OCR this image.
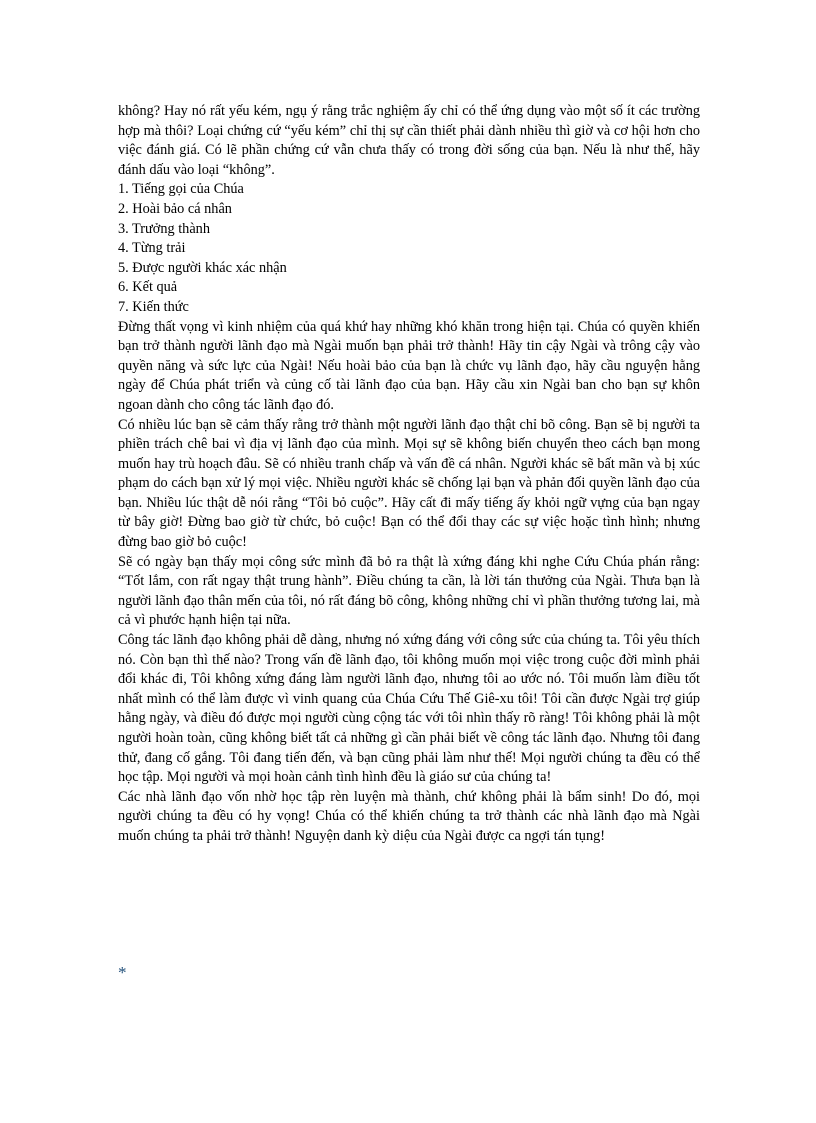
không? Hay nó rất yếu kém, ngụ ý rằng trắc nghiệm ấy chỉ có thể ứng dụng vào một số ít các trường hợp mà thôi? Loại chứng cứ “yếu kém” chỉ thị sự cần thiết phải dành nhiều thì giờ và cơ hội hơn cho việc đánh giá. Có lẽ phần chứng cứ vẫn chưa thấy có trong đời sống của bạn. Nếu là như thế, hãy đánh dấu vào loại “không”.

1. Tiếng gọi của Chúa
2. Hoài bảo cá nhân
3. Trưởng thành
4. Từng trải
5. Được người khác xác nhận
6. Kết quả
7. Kiến thức

Đừng thất vọng vì kinh nhiệm của quá khứ hay những khó khăn trong hiện tại. Chúa có quyền khiến bạn trở thành người lãnh đạo mà Ngài muốn bạn phải trở thành! Hãy tin cậy Ngài và trông cậy vào quyền năng và sức lực của Ngài! Nếu hoài bảo của bạn là chức vụ lãnh đạo, hãy cầu nguyện hằng ngày để Chúa phát triển và củng cố tài lãnh đạo của bạn. Hãy cầu xin Ngài ban cho bạn sự khôn ngoan dành cho công tác lãnh đạo đó.

Có nhiều lúc bạn sẽ cảm thấy rằng trở thành một người lãnh đạo thật chỉ bõ công. Bạn sẽ bị người ta phiền trách chê bai vì địa vị lãnh đạo của mình. Mọi sự sẽ không biến chuyển theo cách bạn mong muốn hay trù hoạch đâu. Sẽ có nhiều tranh chấp và vấn đề cá nhân. Người khác sẽ bất mãn và bị xúc phạm do cách bạn xử lý mọi việc. Nhiều người khác sẽ chống lại bạn và phản đối quyền lãnh đạo của bạn. Nhiều lúc thật dễ nói rằng “Tôi bỏ cuộc”. Hãy cất đi mấy tiếng ấy khỏi ngữ vựng của bạn ngay từ bây giờ! Đừng bao giờ từ chức, bỏ cuộc! Bạn có thể đổi thay các sự việc hoặc tình hình; nhưng đừng bao giờ bỏ cuộc!

Sẽ có ngày bạn thấy mọi công sức mình đã bỏ ra thật là xứng đáng khi nghe Cứu Chúa phán rằng: “Tốt lắm, con rất ngay thật trung hành”. Điều chúng ta cần, là lời tán thưởng của Ngài. Thưa bạn là người lãnh đạo thân mến của tôi, nó rất đáng bõ công, không những chỉ vì phần thưởng tương lai, mà cả vì phước hạnh hiện tại nữa.

Công tác lãnh đạo không phải dễ dàng, nhưng nó xứng đáng với công sức của chúng ta. Tôi yêu thích nó. Còn bạn thì thế nào? Trong vấn đề lãnh đạo, tôi không muốn mọi việc trong cuộc đời mình phải đổi khác đi, Tôi không xứng đáng làm người lãnh đạo, nhưng tôi ao ước nó. Tôi muốn làm điều tốt nhất mình có thể làm được vì vinh quang của Chúa Cứu Thế Giê-xu tôi! Tôi cần được Ngài trợ giúp hằng ngày, và điều đó được mọi người cùng cộng tác với tôi nhìn thấy rõ ràng! Tôi không phải là một người hoàn toàn, cũng không biết tất cả những gì cần phải biết về công tác lãnh đạo. Nhưng tôi đang thử, đang cố gắng. Tôi đang tiến đến, và bạn cũng phải làm như thế! Mọi người chúng ta đều có thể học tập. Mọi người và mọi hoàn cảnh tình hình đều là giáo sư của chúng ta!

Các nhà lãnh đạo vốn nhờ học tập rèn luyện mà thành, chứ không phải là bẩm sinh! Do đó, mọi người chúng ta đều có hy vọng! Chúa có thể khiến chúng ta trở thành các nhà lãnh đạo mà Ngài muốn chúng ta phải trở thành! Nguyện danh kỳ diệu của Ngài được ca ngợi tán tụng!

*
